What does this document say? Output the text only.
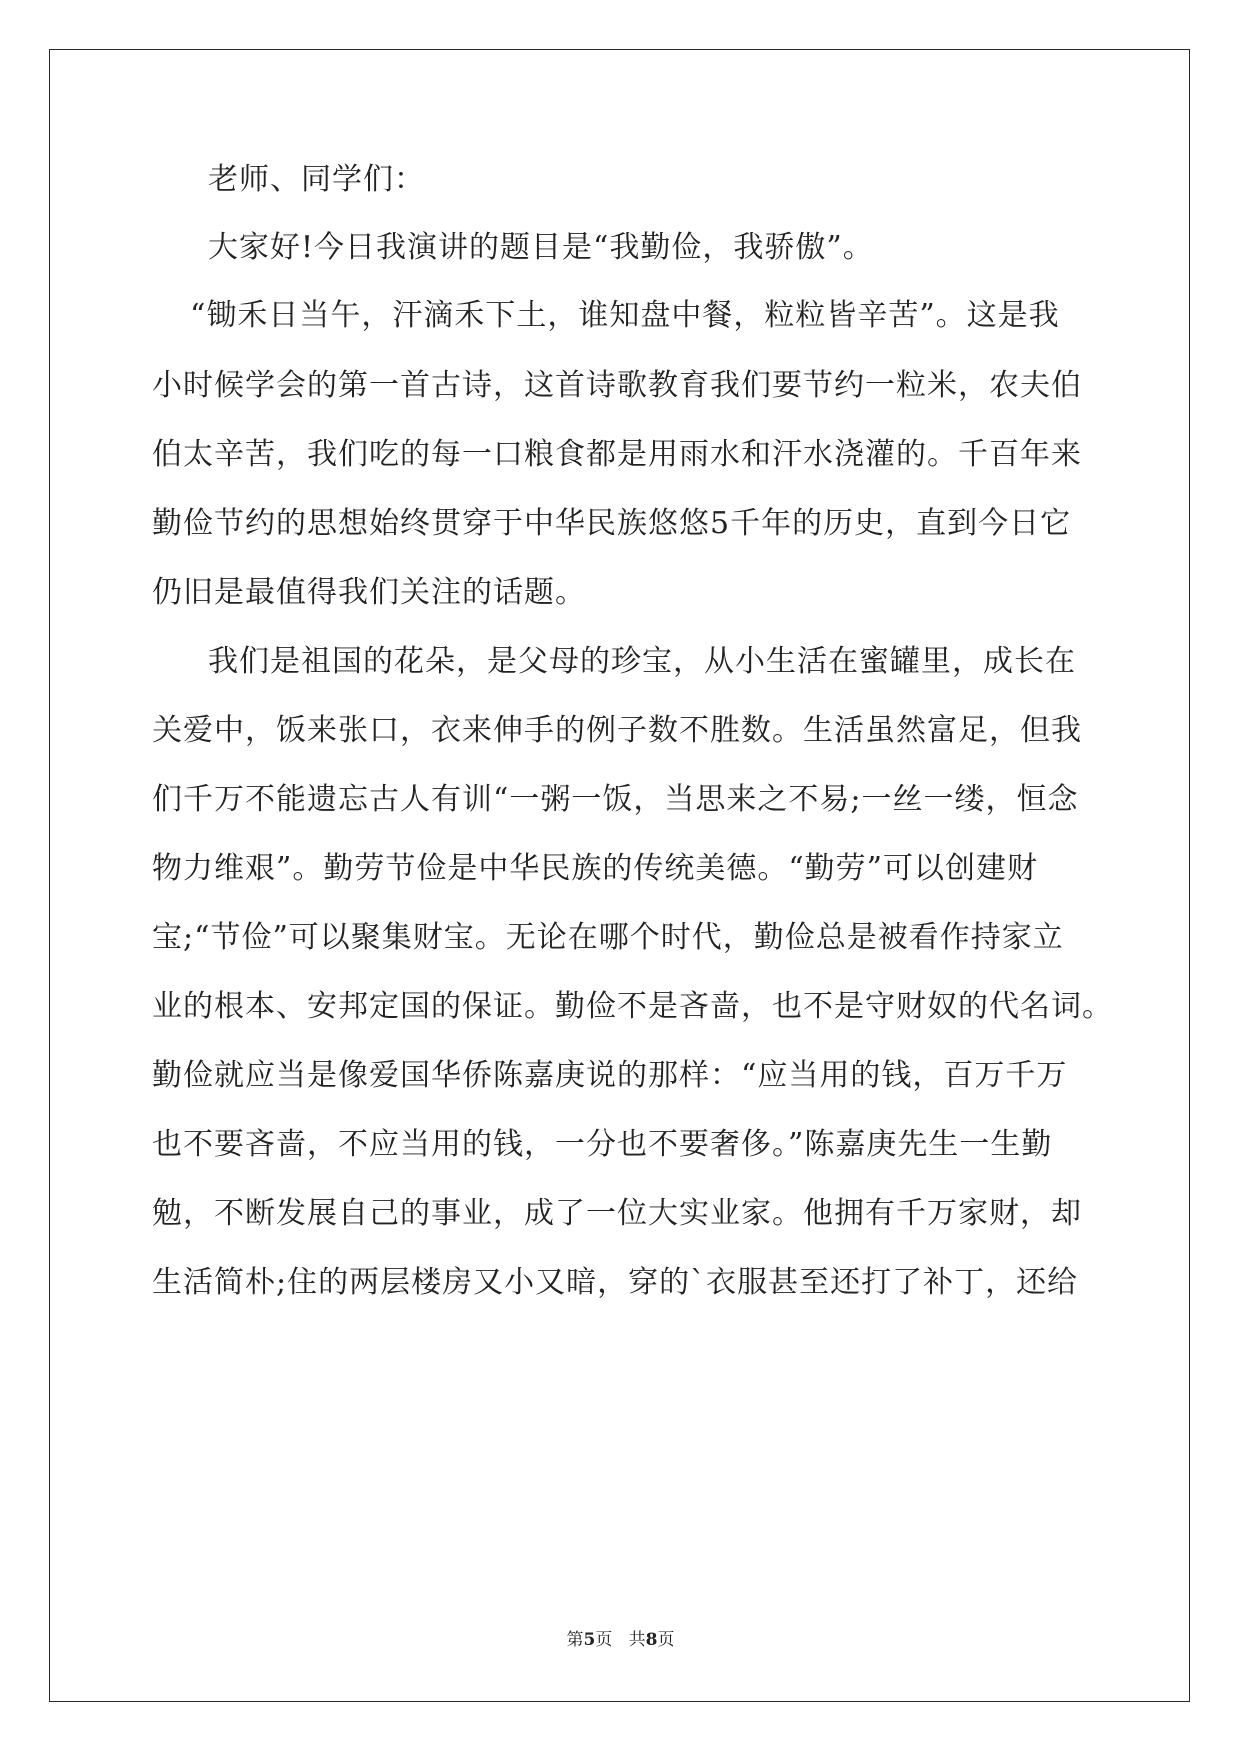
老师、同学们：
大家好!今日我演讲的题目是“我勤俭，我骄傲”。
“锄禾日当午，汗滴禾下土，谁知盘中餐，粒粒皆辛苦”。这是我
小时候学会的第一首古诗，这首诗歌教育我们要节约一粒米，农夫伯
伯太辛苦，我们吃的每一口粮食都是用雨水和汗水浇灌的。千百年来
勤俭节约的思想始终贯穿于中华民族悠悠5千年的历史，直到今日它
仍旧是最值得我们关注的话题。
我们是祖国的花朵，是父母的珍宝，从小生活在蜜罐里，成长在
关爱中，饭来张口，衣来伸手的例子数不胜数。生活虽然富足，但我
们千万不能遗忘古人有训“一粥一饭，当思来之不易;一丝一缕，恒念
物力维艰”。勤劳节俭是中华民族的传统美德。“勤劳”可以创建财
宝;“节俭”可以聚集财宝。无论在哪个时代，勤俭总是被看作持家立
业的根本、安邦定国的保证。勤俭不是吝啬，也不是守财奴的代名词。
勤俭就应当是像爱国华侨陈嘉庚说的那样：“应当用的钱，百万千万
也不要吝啬，不应当用的钱，一分也不要奢侈。”陈嘉庚先生一生勤
勉，不断发展自己的事业，成了一位大实业家。他拥有千万家财，却
生活简朴;住的两层楼房又小又暗，穿的`衣服甚至还打了补丁，还给
第5页 共8页
